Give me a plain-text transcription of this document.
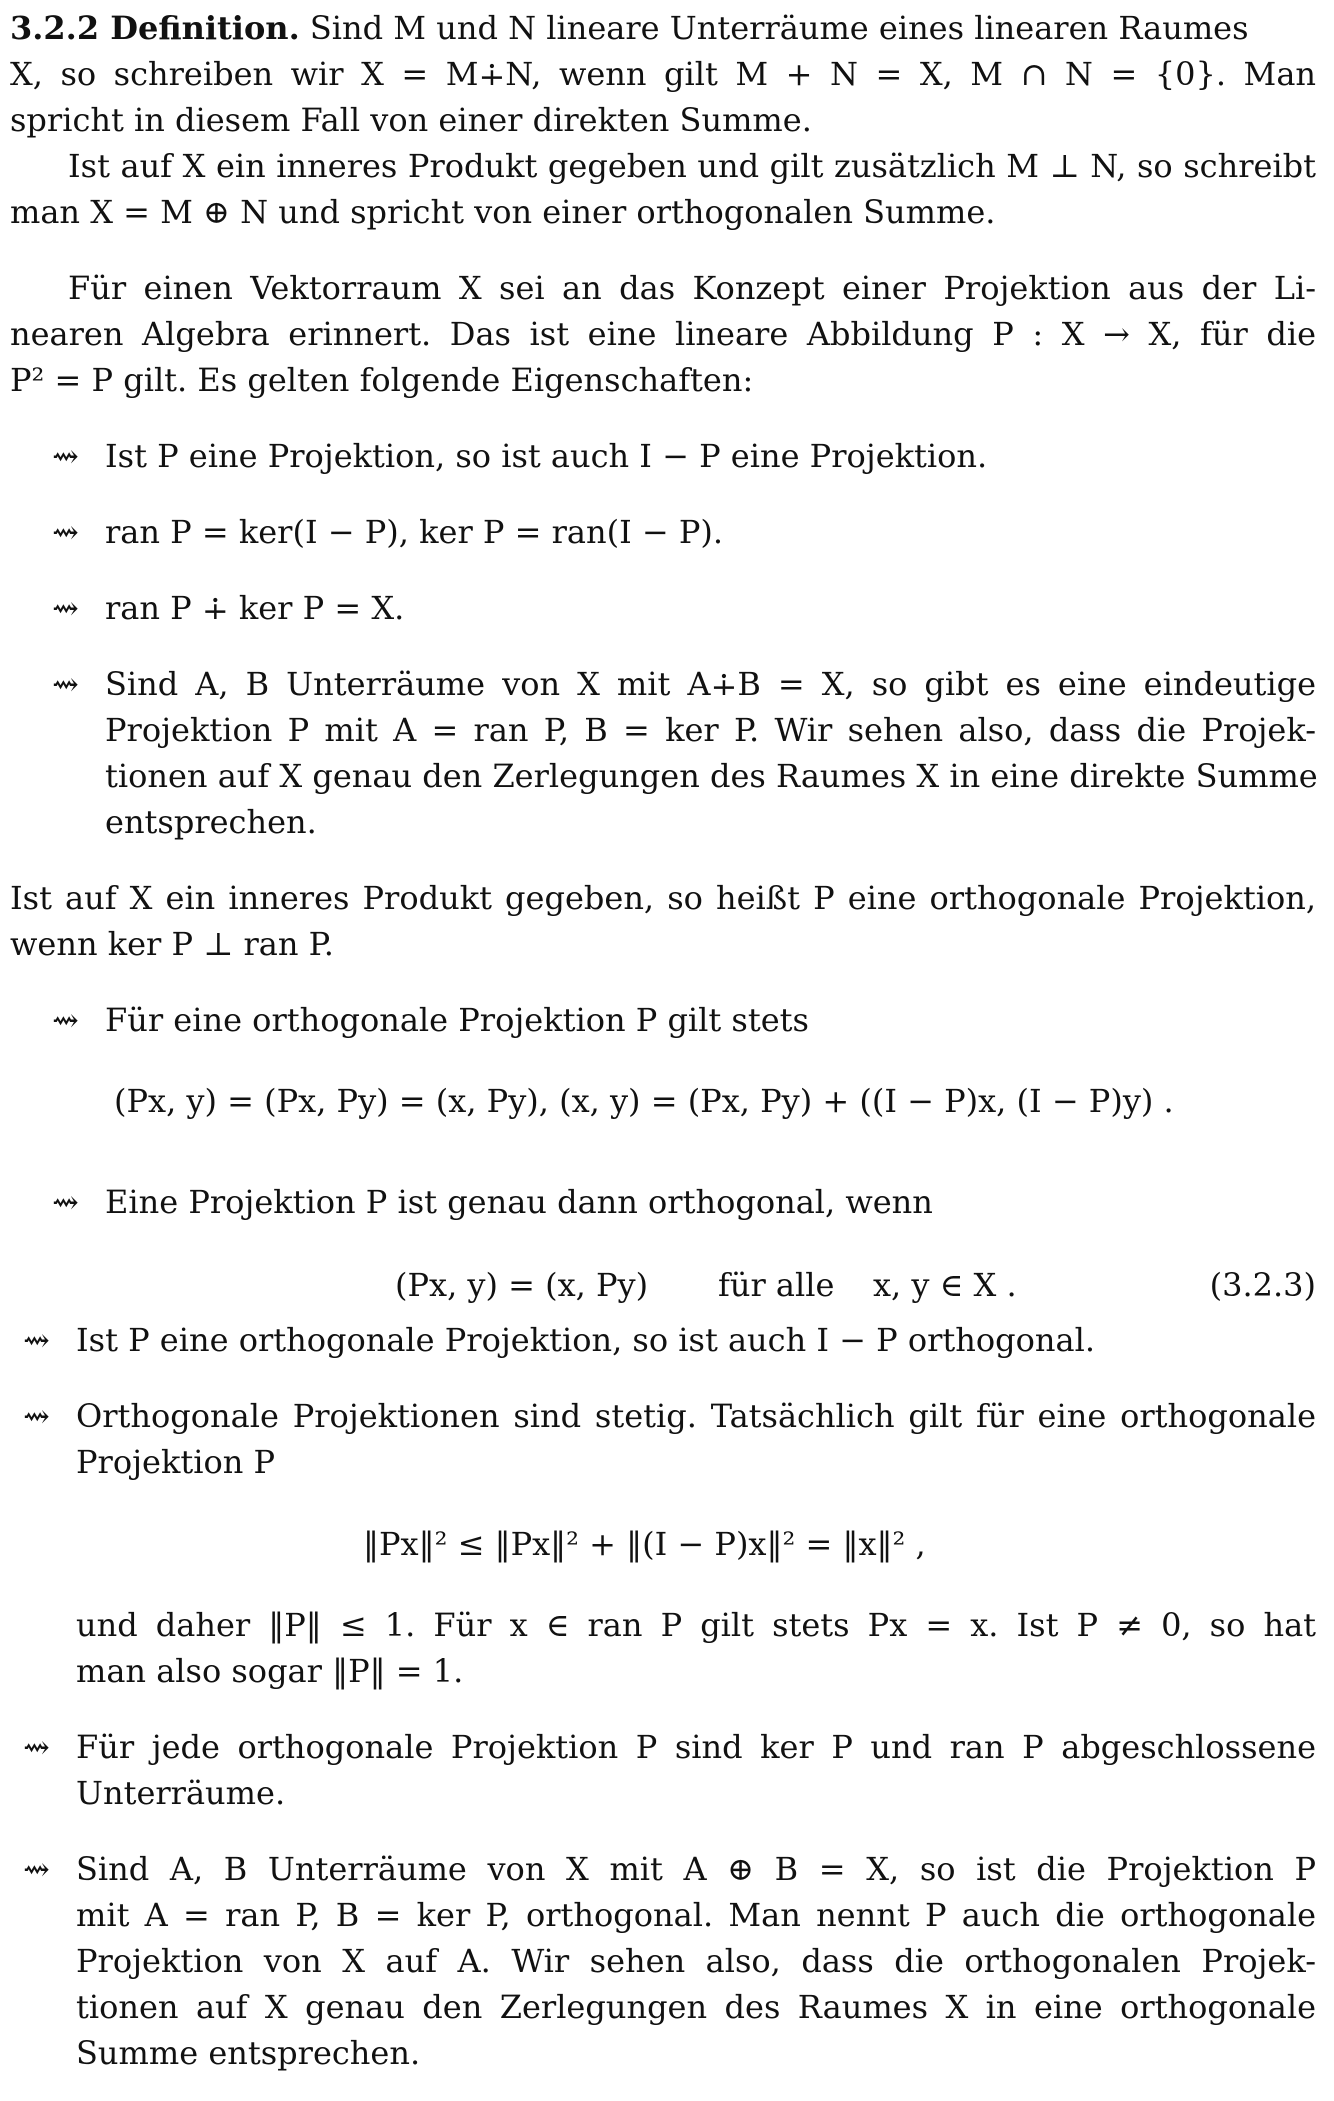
3.2.2 Definition. Sind M und N lineare Unterräume eines linearen Raumes
X, so schreiben wir X = M∔N, wenn gilt M + N = X, M ∩ N = {0}. Man
spricht in diesem Fall von einer direkten Summe.
Ist auf X ein inneres Produkt gegeben und gilt zusätzlich M ⊥ N, so schreibt
man X = M ⊕ N und spricht von einer orthogonalen Summe.
Für einen Vektorraum X sei an das Konzept einer Projektion aus der Li-
nearen Algebra erinnert. Das ist eine lineare Abbildung P : X → X, für die
P² = P gilt. Es gelten folgende Eigenschaften:
⇝ Ist P eine Projektion, so ist auch I − P eine Projektion.
⇝ ran P = ker(I − P), ker P = ran(I − P).
⇝ ran P ∔ ker P = X.
⇝ Sind A, B Unterräume von X mit A∔B = X, so gibt es eine eindeutige
Projektion P mit A = ran P, B = ker P. Wir sehen also, dass die Projek-
tionen auf X genau den Zerlegungen des Raumes X in eine direkte Summe
entsprechen.
Ist auf X ein inneres Produkt gegeben, so heißt P eine orthogonale Projektion,
wenn ker P ⊥ ran P.
⇝ Für eine orthogonale Projektion P gilt stets
(Px, y) = (Px, Py) = (x, Py), (x, y) = (Px, Py) + ((I − P)x, (I − P)y) .
⇝ Eine Projektion P ist genau dann orthogonal, wenn
(Px, y) = (x, Py) für alle x, y ∈ X .	(3.2.3)
⇝ Ist P eine orthogonale Projektion, so ist auch I − P orthogonal.
⇝ Orthogonale Projektionen sind stetig. Tatsächlich gilt für eine orthogonale
Projektion P
‖Px‖² ≤ ‖Px‖² + ‖(I − P)x‖² = ‖x‖² ,
und daher ‖P‖ ≤ 1. Für x ∈ ran P gilt stets Px = x. Ist P ≠ 0, so hat
man also sogar ‖P‖ = 1.
⇝ Für jede orthogonale Projektion P sind ker P und ran P abgeschlossene
Unterräume.
⇝ Sind A, B Unterräume von X mit A ⊕ B = X, so ist die Projektion P
mit A = ran P, B = ker P, orthogonal. Man nennt P auch die orthogonale
Projektion von X auf A. Wir sehen also, dass die orthogonalen Projek-
tionen auf X genau den Zerlegungen des Raumes X in eine orthogonale
Summe entsprechen.
